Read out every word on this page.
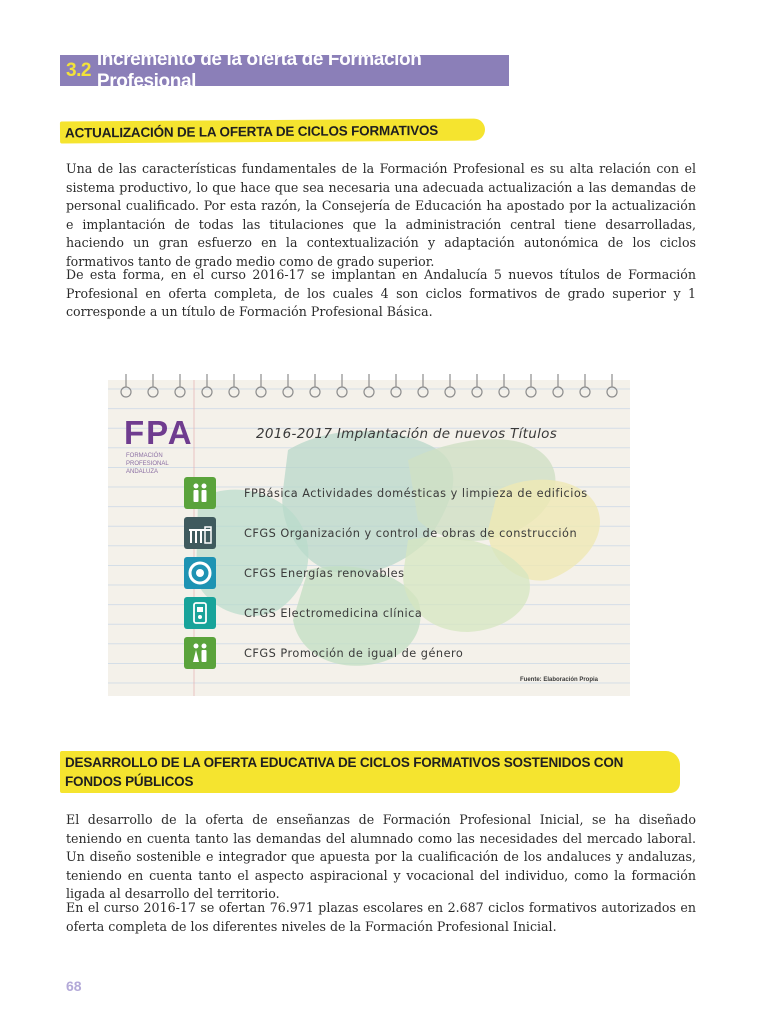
3.2
Incremento de la oferta de Formación Profesional
ACTUALIZACIÓN DE LA OFERTA DE CICLOS FORMATIVOS

Una de las características fundamentales de la Formación Profesional es su alta relación con el sistema productivo, lo que hace que sea necesaria una adecuada actualización a las demandas de personal cualificado. Por esta razón, la Consejería de Educación ha apostado por la actualización e implantación de todas las titulaciones que la administración central tiene desarrolladas, haciendo un gran esfuerzo en la contextualización y adaptación autonómica de los ciclos formativos tanto de grado medio como de grado superior.

De esta forma, en el curso 2016-17 se implantan en Andalucía 5 nuevos títulos de Formación Profesional en oferta completa, de los cuales 4 son ciclos formativos de grado superior y 1 corresponde a un título de Formación Profesional Básica.

FPA
FORMACIÓN PROFESIONAL ANDALUZA
2016-2017 Implantación de nuevos Títulos
FPBásica Actividades domésticas y limpieza de edificios
CFGS Organización y control de obras de construcción
CFGS Energías renovables
CFGS Electromedicina clínica
CFGS Promoción de igual de género
Fuente: Elaboración Propia
DESARROLLO DE LA OFERTA EDUCATIVA DE CICLOS FORMATIVOS SOSTENIDOS CON
FONDOS PÚBLICOS

El desarrollo de la oferta de enseñanzas de Formación Profesional Inicial, se ha diseñado teniendo en cuenta tanto las demandas del alumnado como las necesidades del mercado laboral. Un diseño sostenible e integrador que apuesta por la cualificación de los andaluces y andaluzas, teniendo en cuenta tanto el aspecto aspiracional y vocacional del individuo, como la formación ligada al desarrollo del territorio.

En el curso 2016-17 se ofertan 76.971 plazas escolares en 2.687 ciclos formativos autorizados en oferta completa de los diferentes niveles de la Formación Profesional Inicial.

68
